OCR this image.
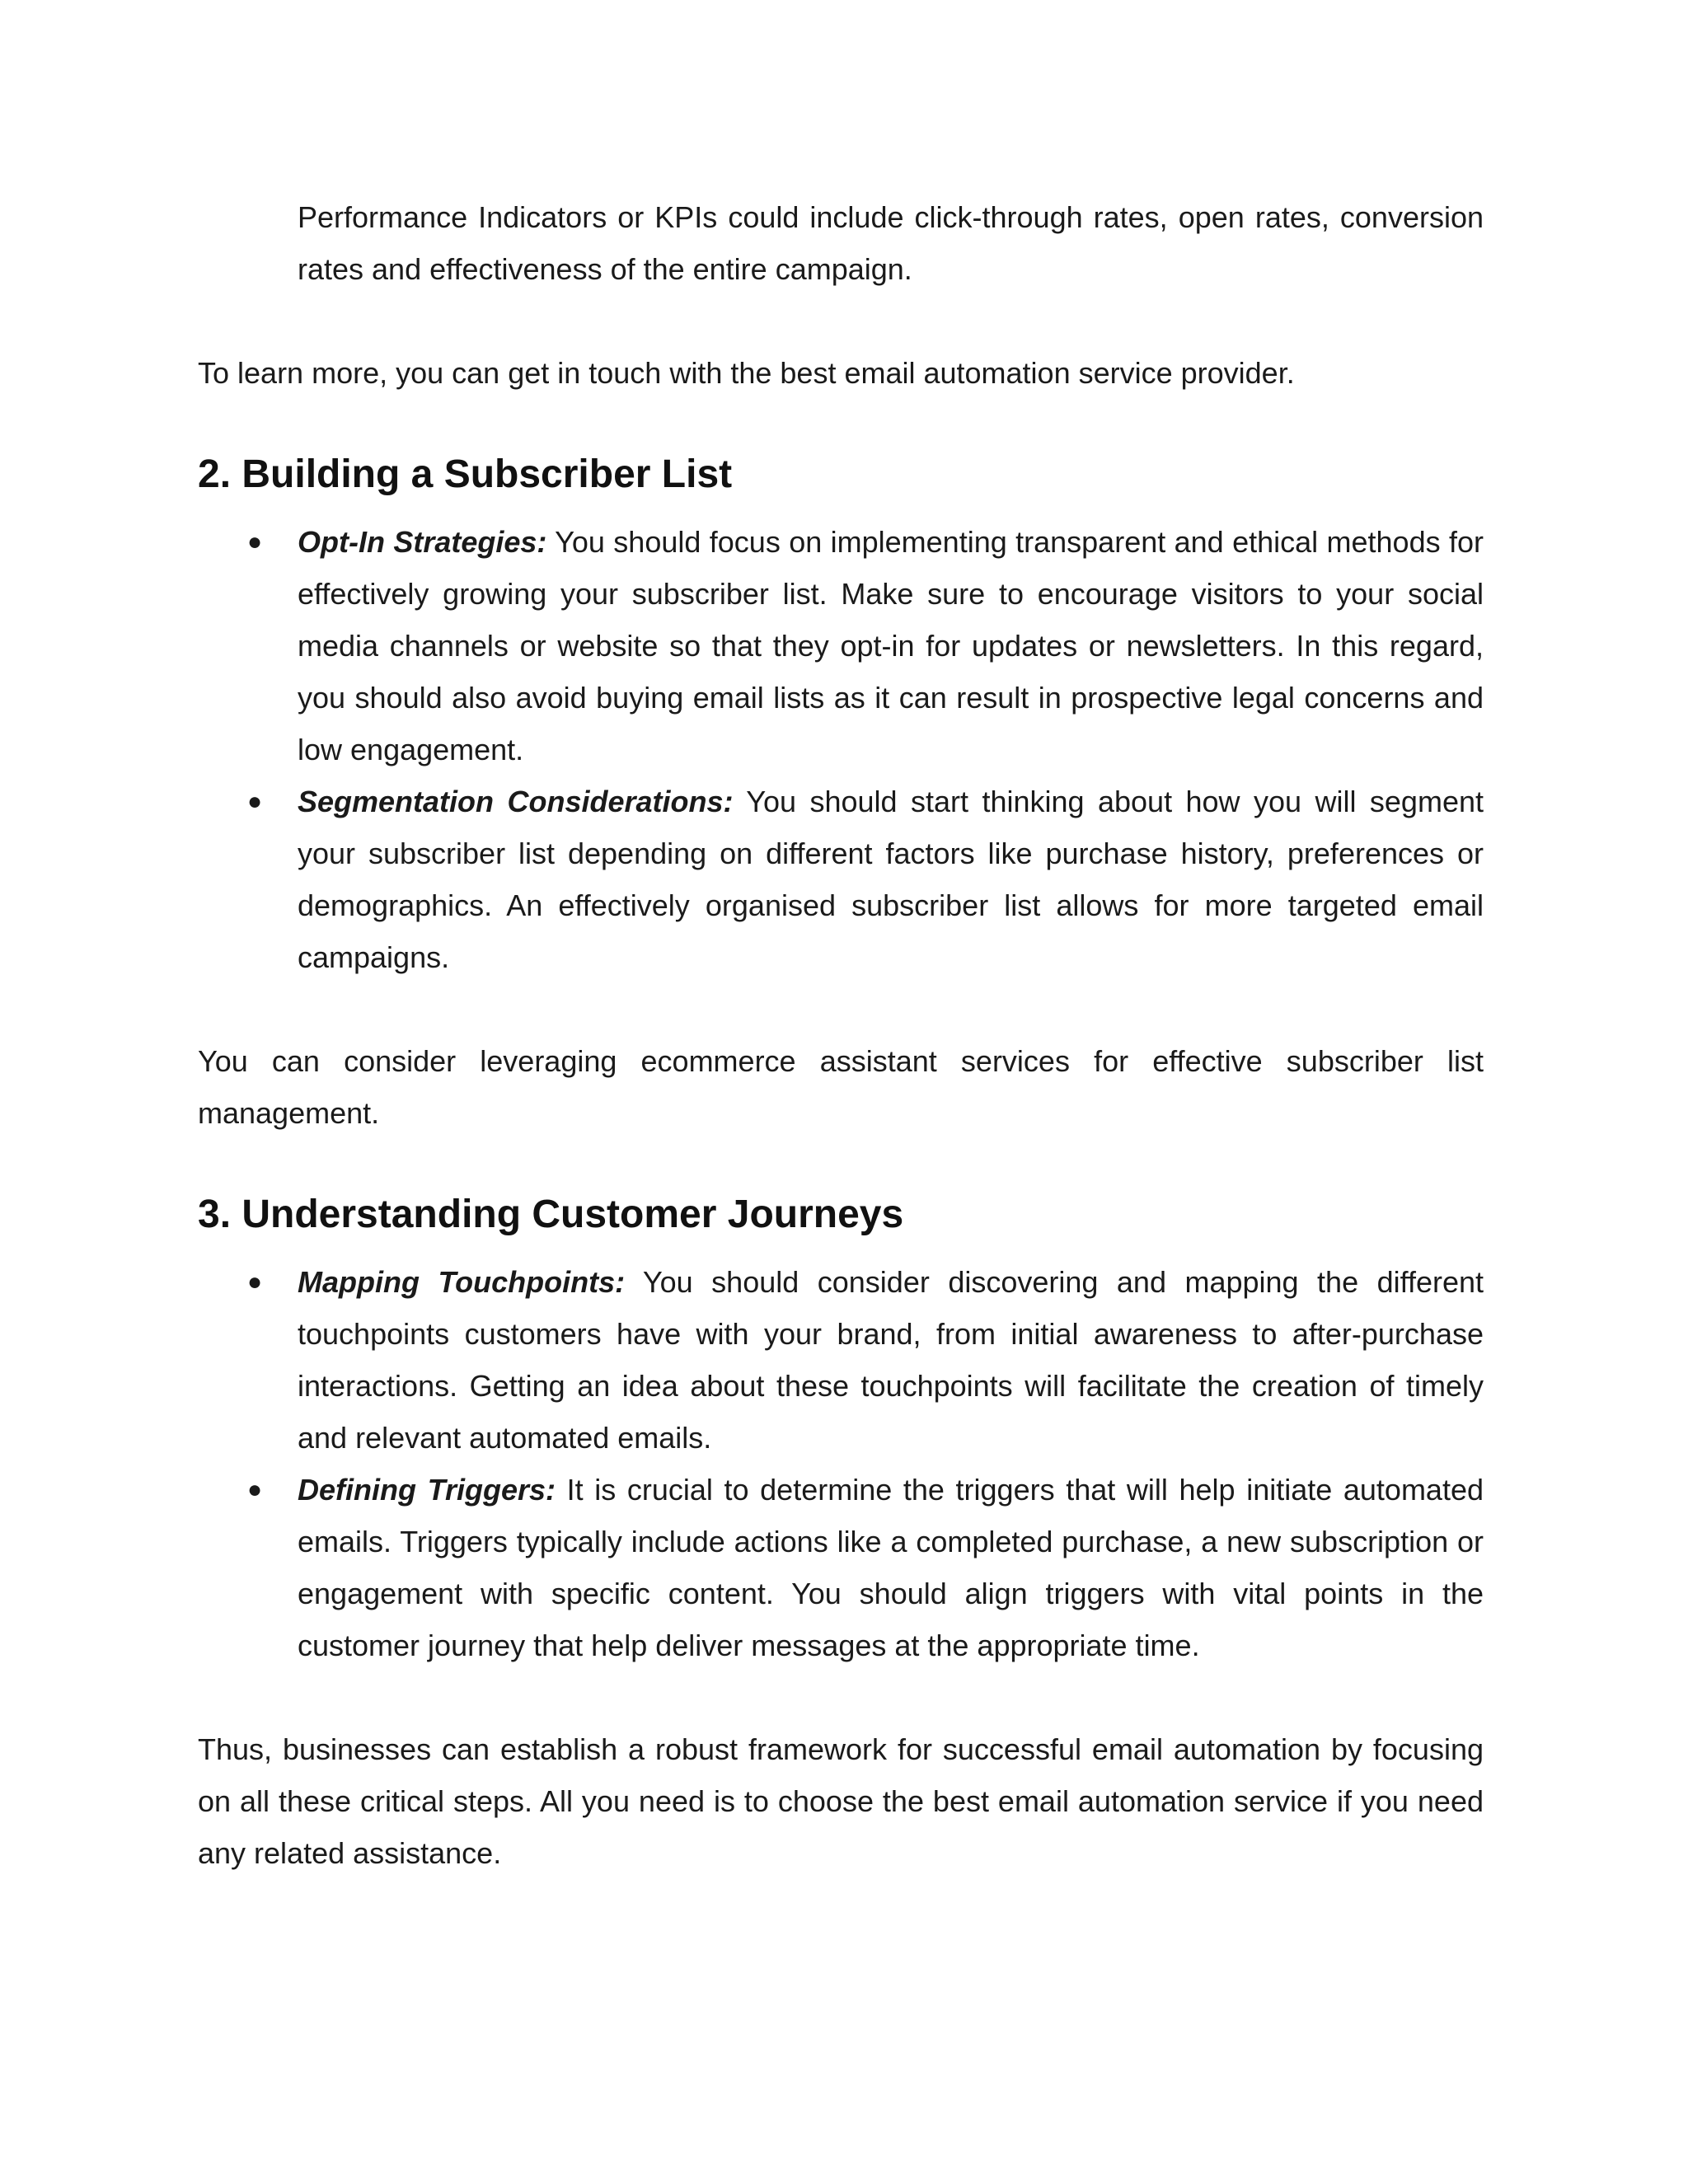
Performance Indicators or KPIs could include click-through rates, open rates, conversion rates and effectiveness of the entire campaign.

To learn more, you can get in touch with the best email automation service provider.

2. Building a Subscriber List
● Opt-In Strategies: You should focus on implementing transparent and ethical methods for effectively growing your subscriber list. Make sure to encourage visitors to your social media channels or website so that they opt-in for updates or newsletters. In this regard, you should also avoid buying email lists as it can result in prospective legal concerns and low engagement.
● Segmentation Considerations: You should start thinking about how you will segment your subscriber list depending on different factors like purchase history, preferences or demographics. An effectively organised subscriber list allows for more targeted email campaigns.

You can consider leveraging ecommerce assistant services for effective subscriber list management.

3. Understanding Customer Journeys
● Mapping Touchpoints: You should consider discovering and mapping the different touchpoints customers have with your brand, from initial awareness to after-purchase interactions. Getting an idea about these touchpoints will facilitate the creation of timely and relevant automated emails.
● Defining Triggers: It is crucial to determine the triggers that will help initiate automated emails. Triggers typically include actions like a completed purchase, a new subscription or engagement with specific content. You should align triggers with vital points in the customer journey that help deliver messages at the appropriate time.

Thus, businesses can establish a robust framework for successful email automation by focusing on all these critical steps. All you need is to choose the best email automation service if you need any related assistance.
